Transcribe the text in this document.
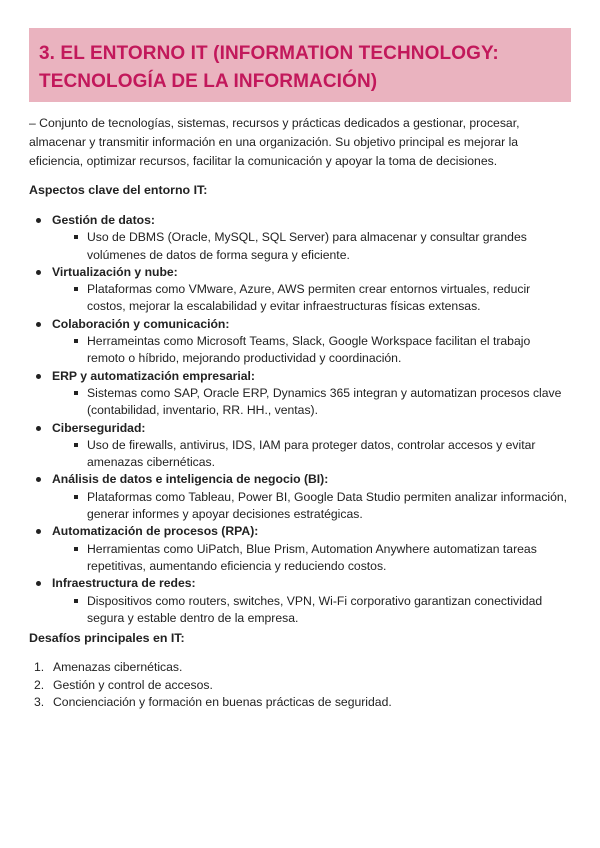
3. EL ENTORNO IT (INFORMATION TECHNOLOGY:
TECNOLOGÍA DE LA INFORMACIÓN)

– Conjunto de tecnologías, sistemas, recursos y prácticas dedicados a gestionar, procesar, almacenar y transmitir información en una organización. Su objetivo principal es mejorar la eficiencia, optimizar recursos, facilitar la comunicación y apoyar la toma de decisiones.

Aspectos clave del entorno IT:

Gestión de datos:
Uso de DBMS (Oracle, MySQL, SQL Server) para almacenar y consultar grandes volúmenes de datos de forma segura y eficiente.
Virtualización y nube:
Plataformas como VMware, Azure, AWS permiten crear entornos virtuales, reducir costos, mejorar la escalabilidad y evitar infraestructuras físicas extensas.
Colaboración y comunicación:
Herrameintas como Microsoft Teams, Slack, Google Workspace facilitan el trabajo remoto o híbrido, mejorando productividad y coordinación.
ERP y automatización empresarial:
Sistemas como SAP, Oracle ERP, Dynamics 365 integran y automatizan procesos clave (contabilidad, inventario, RR. HH., ventas).
Ciberseguridad:
Uso de firewalls, antivirus, IDS, IAM para proteger datos, controlar accesos y evitar amenazas cibernéticas.
Análisis de datos e inteligencia de negocio (BI):
Plataformas como Tableau, Power BI, Google Data Studio permiten analizar información, generar informes y apoyar decisiones estratégicas.
Automatización de procesos (RPA):
Herramientas como UiPatch, Blue Prism, Automation Anywhere automatizan tareas repetitivas, aumentando eficiencia y reduciendo costos.
Infraestructura de redes:
Dispositivos como routers, switches, VPN, Wi-Fi corporativo garantizan conectividad segura y estable dentro de la empresa.

Desafíos principales en IT:

1. Amenazas cibernéticas.
2. Gestión y control de accesos.
3. Concienciación y formación en buenas prácticas de seguridad.
